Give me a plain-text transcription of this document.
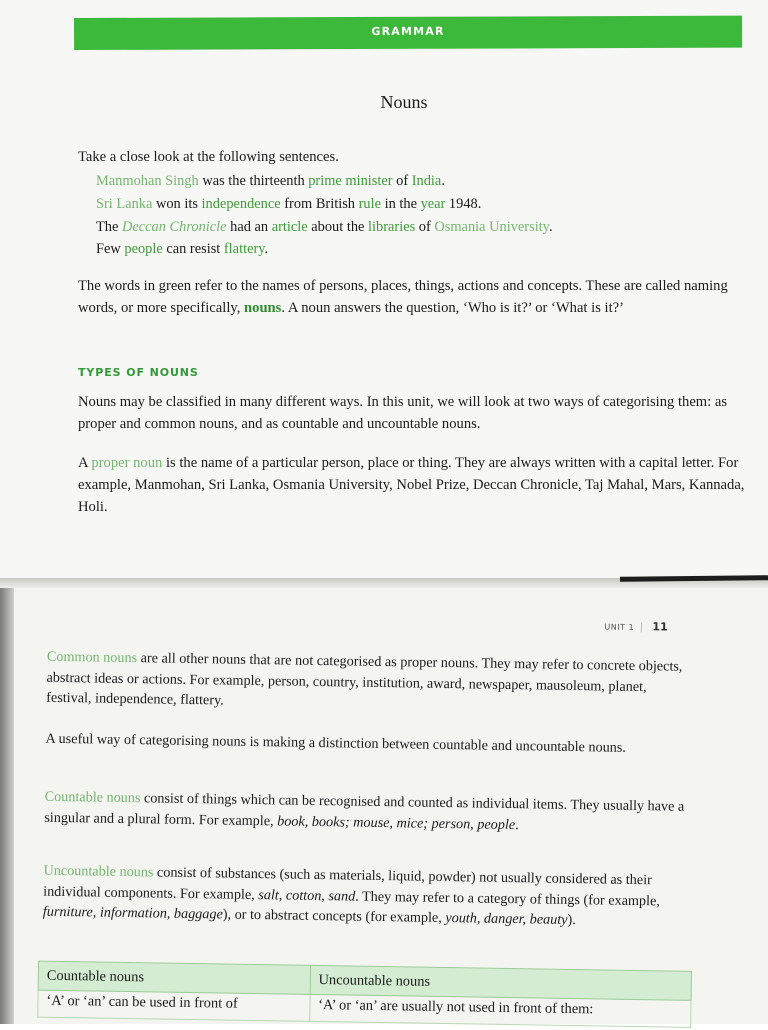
GRAMMAR
Nouns
Take a close look at the following sentences.
Manmohan Singh was the thirteenth prime minister of India.
Sri Lanka won its independence from British rule in the year 1948.
The Deccan Chronicle had an article about the libraries of Osmania University.
Few people can resist flattery.
The words in green refer to the names of persons, places, things, actions and concepts. These are called naming words, or more specifically, nouns. A noun answers the question, ‘Who is it?’ or ‘What is it?’
TYPES OF NOUNS
Nouns may be classified in many different ways. In this unit, we will look at two ways of categorising them: as proper and common nouns, and as countable and uncountable nouns.
A proper noun is the name of a particular person, place or thing. They are always written with a capital letter. For example, Manmohan, Sri Lanka, Osmania University, Nobel Prize, Deccan Chronicle, Taj Mahal, Mars, Kannada, Holi.
UNIT 1 | 11
Common nouns are all other nouns that are not categorised as proper nouns. They may refer to concrete objects, abstract ideas or actions. For example, person, country, institution, award, newspaper, mausoleum, planet, festival, independence, flattery.
A useful way of categorising nouns is making a distinction between countable and uncountable nouns.
Countable nouns consist of things which can be recognised and counted as individual items. They usually have a singular and a plural form. For example, book, books; mouse, mice; person, people.
Uncountable nouns consist of substances (such as materials, liquid, powder) not usually considered as their individual components. For example, salt, cotton, sand. They may refer to a category of things (for example, furniture, information, baggage), or to abstract concepts (for example, youth, danger, beauty).
Countable nouns	Uncountable nouns
‘A’ or ‘an’ can be used in front of	‘A’ or ‘an’ are usually not used in front of them:
